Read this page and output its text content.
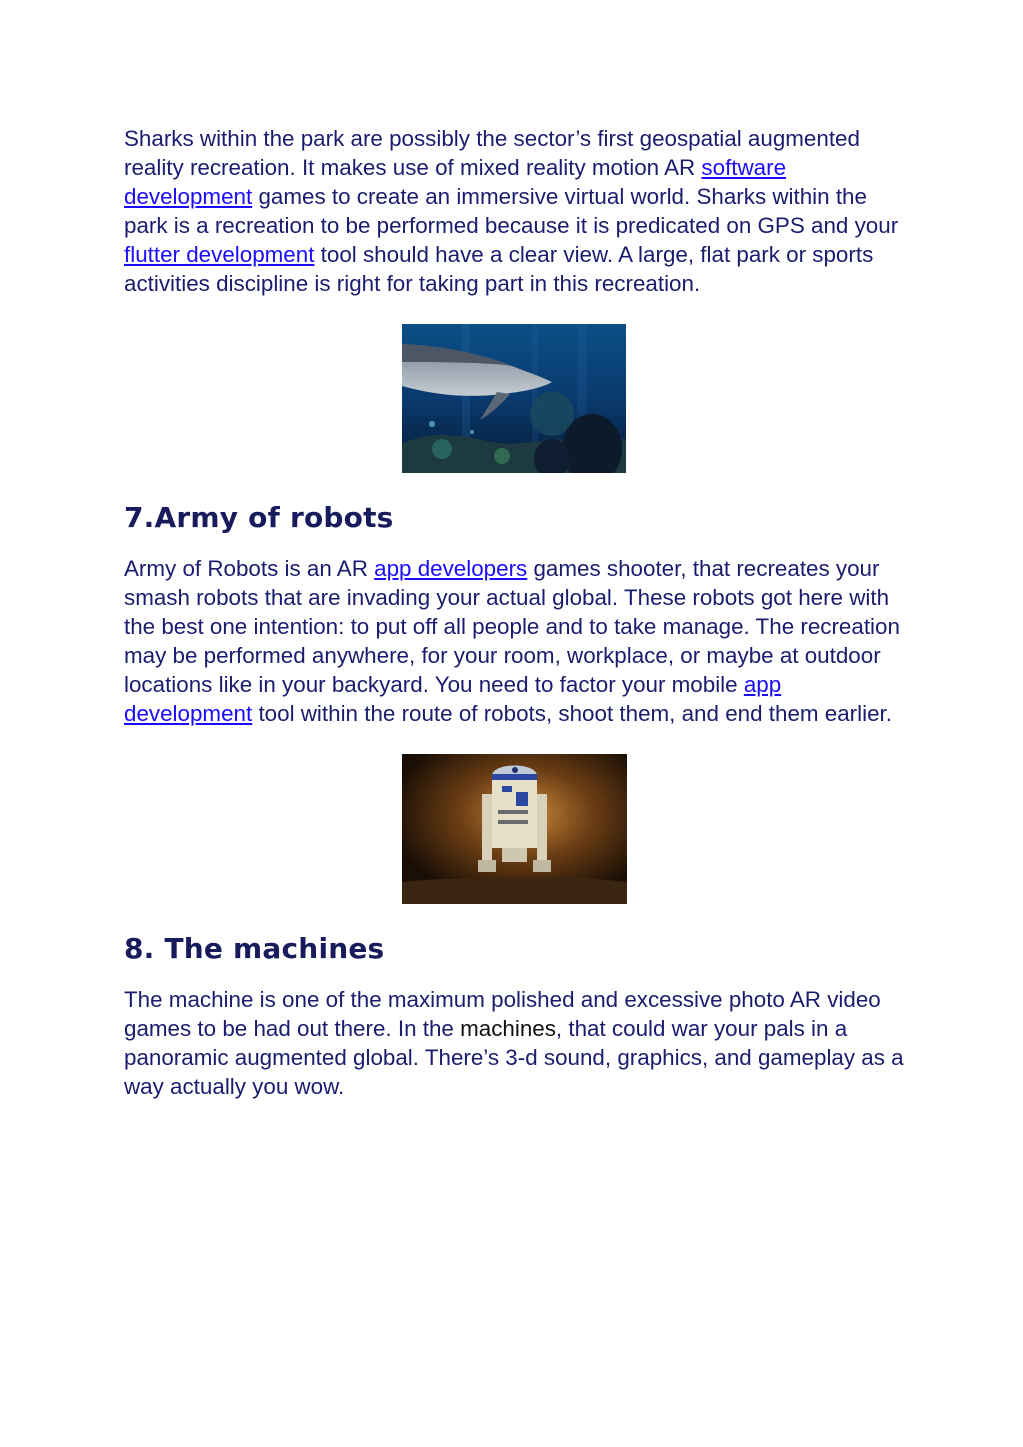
Sharks within the park are possibly the sector’s first geospatial augmented reality recreation. It makes use of mixed reality motion AR software development games to create an immersive virtual world. Sharks within the park is a recreation to be performed because it is predicated on GPS and your flutter development tool should have a clear view. A large, flat park or sports activities discipline is right for taking part in this recreation.

7.Army of robots

Army of Robots is an AR app developers games shooter, that recreates your smash robots that are invading your actual global. These robots got here with the best one intention: to put off all people and to take manage. The recreation may be performed anywhere, for your room, workplace, or maybe at outdoor locations like in your backyard. You need to factor your mobile app development tool within the route of robots, shoot them, and end them earlier.

8. The machines

The machine is one of the maximum polished and excessive photo AR video games to be had out there. In the machines, that could war your pals in a panoramic augmented global. There’s 3-d sound, graphics, and gameplay as a way actually you wow.
